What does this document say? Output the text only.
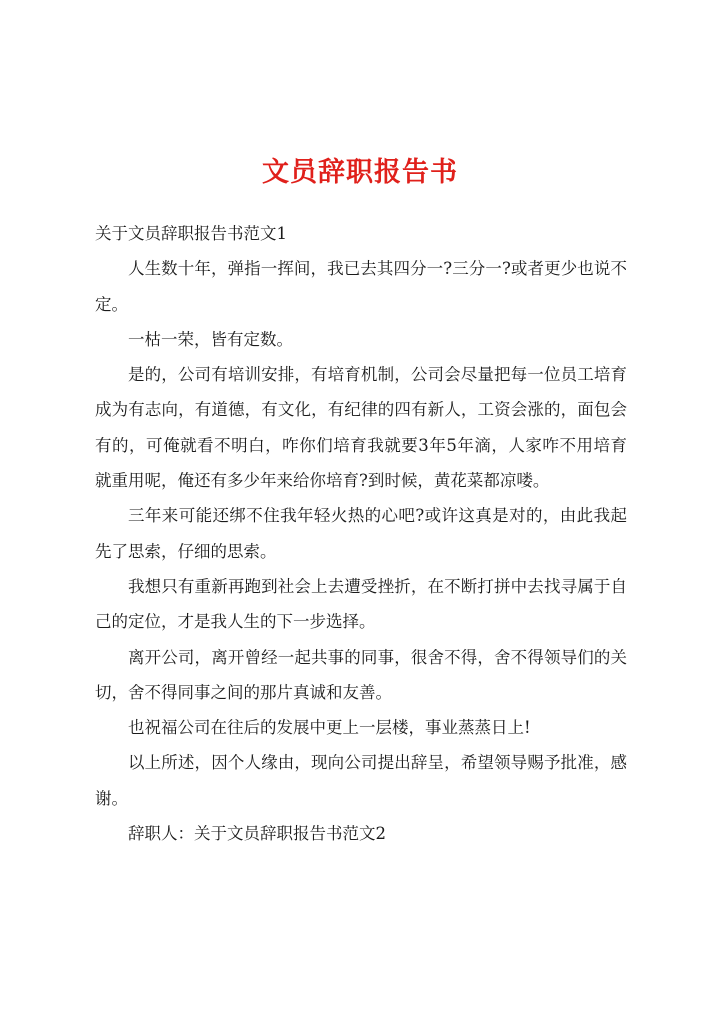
文员辞职报告书

关于文员辞职报告书范文1

人生数十年，弹指一挥间，我已去其四分一?三分一?或者更少也说不定。

一枯一荣，皆有定数。

是的，公司有培训安排，有培育机制，公司会尽量把每一位员工培育成为有志向，有道德，有文化，有纪律的四有新人，工资会涨的，面包会有的，可俺就看不明白，咋你们培育我就要3年5年滴，人家咋不用培育就重用呢，俺还有多少年来给你培育?到时候，黄花菜都凉喽。

三年来可能还绑不住我年轻火热的心吧?或许这真是对的，由此我起先了思索，仔细的思索。

我想只有重新再跑到社会上去遭受挫折，在不断打拼中去找寻属于自己的定位，才是我人生的下一步选择。

离开公司，离开曾经一起共事的同事，很舍不得，舍不得领导们的关切，舍不得同事之间的那片真诚和友善。

也祝福公司在往后的发展中更上一层楼，事业蒸蒸日上!

以上所述，因个人缘由，现向公司提出辞呈，希望领导赐予批准，感谢。

辞职人：关于文员辞职报告书范文2
